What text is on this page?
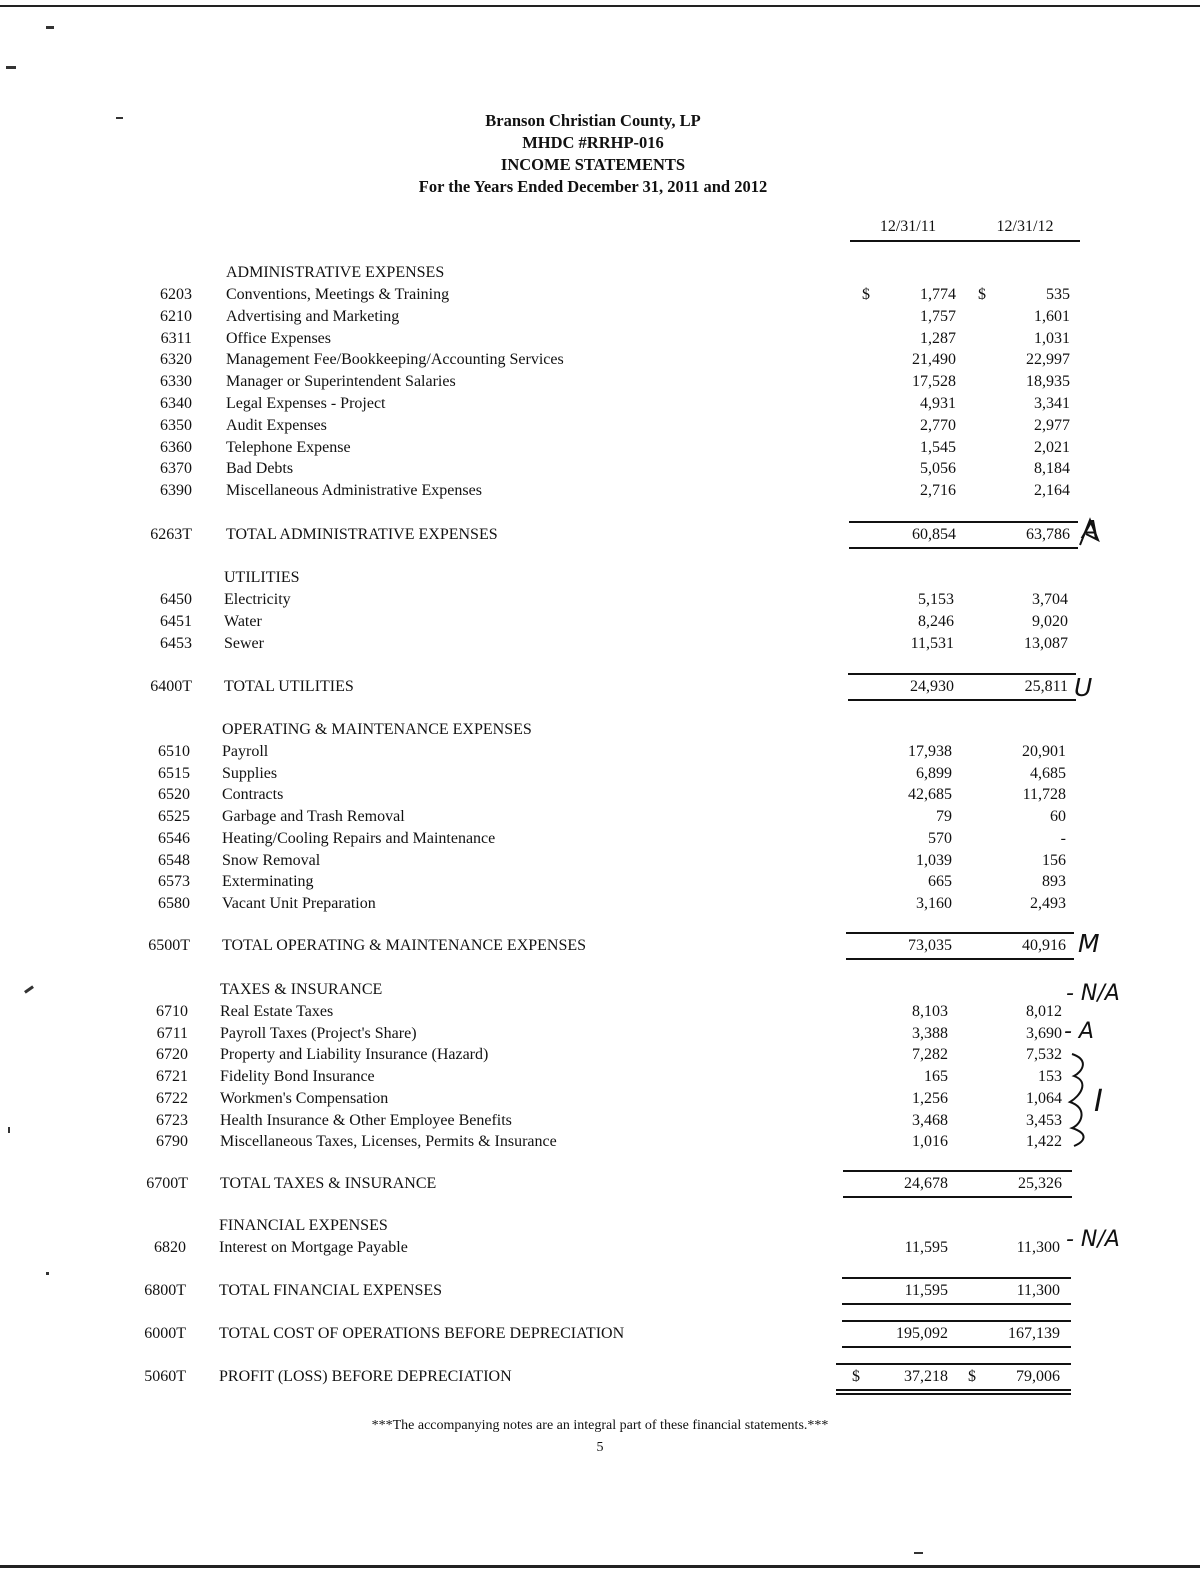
Branson Christian County, LP
MHDC #RRHP-016
INCOME STATEMENTS
For the Years Ended December 31, 2011 and 2012
12/31/11	12/31/12
ADMINISTRATIVE EXPENSES
6203 Conventions, Meetings & Training	1,774	535
$	$
6210 Advertising and Marketing	1,757	1,601
6311 Office Expenses	1,287	1,031
6320 Management Fee/Bookkeeping/Accounting Services	21,490	22,997
6330 Manager or Superintendent Salaries	17,528	18,935
6340 Legal Expenses - Project	4,931	3,341
6350 Audit Expenses	2,770	2,977
6360 Telephone Expense	1,545	2,021
6370 Bad Debts	5,056	8,184
6390 Miscellaneous Administrative Expenses	2,716	2,164
6263T TOTAL ADMINISTRATIVE EXPENSES	60,854	63,786
UTILITIES
6450 Electricity	5,153	3,704
6451 Water	8,246	9,020
6453 Sewer	11,531	13,087
6400T TOTAL UTILITIES	24,930	25,811
OPERATING & MAINTENANCE EXPENSES
6510 Payroll	17,938	20,901
6515 Supplies	6,899	4,685
6520 Contracts	42,685	11,728
6525 Garbage and Trash Removal	79	60
6546 Heating/Cooling Repairs and Maintenance	570	-
6548 Snow Removal	1,039	156
6573 Exterminating	665	893
6580 Vacant Unit Preparation	3,160	2,493
6500T TOTAL OPERATING & MAINTENANCE EXPENSES	73,035	40,916
TAXES & INSURANCE
6710 Real Estate Taxes	8,103	8,012
6711 Payroll Taxes (Project's Share)	3,388	3,690
6720 Property and Liability Insurance (Hazard)	7,282	7,532
6721 Fidelity Bond Insurance	165	153
6722 Workmen's Compensation	1,256	1,064
6723 Health Insurance & Other Employee Benefits	3,468	3,453
6790 Miscellaneous Taxes, Licenses, Permits & Insurance	1,016	1,422
6700T TOTAL TAXES & INSURANCE	24,678	25,326
FINANCIAL EXPENSES
6820 Interest on Mortgage Payable	11,595	11,300
6800T TOTAL FINANCIAL EXPENSES	11,595	11,300
6000T TOTAL COST OF OPERATIONS BEFORE DEPRECIATION	195,092	167,139
5060T PROFIT (LOSS) BEFORE DEPRECIATION	37,218	79,006
$	$
A
U
M
- N/A
- A
I
- N/A
***The accompanying notes are an integral part of these financial statements.***
5
